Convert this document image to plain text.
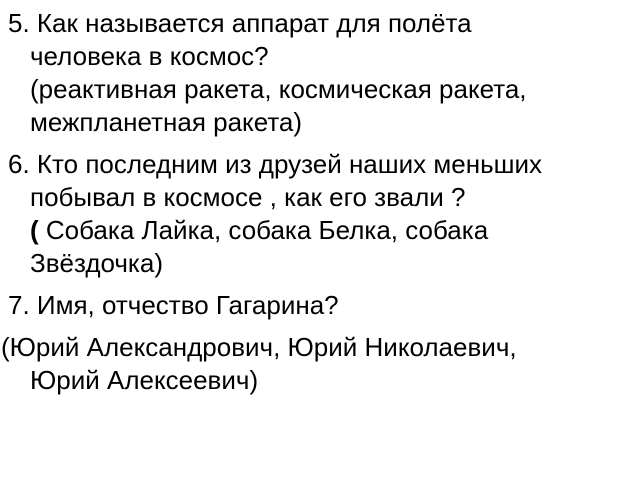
5. Как называется аппарат для полёта
человека в космос?
(реактивная ракета, космическая ракета,
межпланетная ракета)
6. Кто последним из друзей наших меньших
побывал в космосе , как его звали ?
( Собака Лайка, собака Белка, собака
Звёздочка)
7. Имя, отчество Гагарина?
(Юрий Александрович, Юрий Николаевич,
Юрий Алексеевич)
